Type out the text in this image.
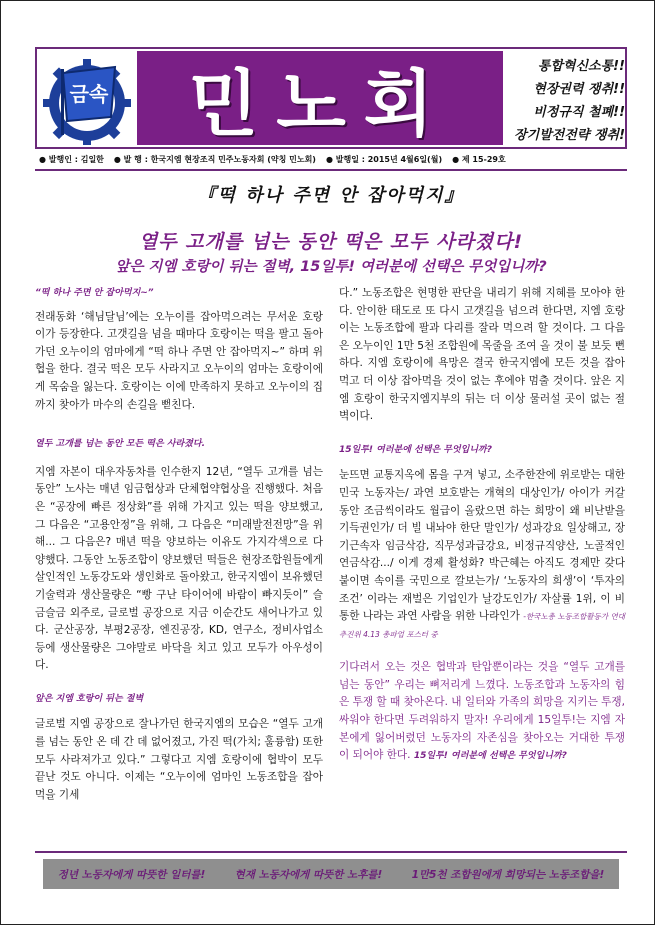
금속 민노회	통합혁신소통!!
현장권력 쟁취!!
비정규직 철폐!!
장기발전전략 쟁취!
● 발행인 : 김일한 ● 발 행 : 한국지엠 현장조직 민주노동자회 (약칭 민노회) ● 발행일 : 2015년 4월6일(월) ● 제 15-29호
『떡 하나 주면 안 잡아먹지』
열두 고개를 넘는 동안 떡은 모두 사라졌다!
앞은 지엠 호랑이 뒤는 절벽, 15일투! 여러분에 선택은 무엇입니까?

“떡 하나 주면 안 잡아먹지~”

전래동화 ‘해님달님’에는 오누이를 잡아먹으려는 무서운 호랑이가 등장한다. 고갯길을 넘을 때마다 호랑이는 떡을 팔고 돌아가던 오누이의 엄마에게 “떡 하나 주면 안 잡아먹지~” 하며 위협을 한다. 결국 떡은 모두 사라지고 오누이의 엄마는 호랑이에게 목숨을 잃는다. 호랑이는 이에 만족하지 못하고 오누이의 집까지 찾아가 마수의 손길을 뻗친다.

열두 고개를 넘는 동안 모든 떡은 사라졌다.

지엠 자본이 대우자동차를 인수한지 12년, “열두 고개를 넘는 동안” 노사는 매년 임금협상과 단체협약협상을 진행했다. 처음은 “공장에 빠른 정상화”를 위해 가지고 있는 떡을 양보했고, 그 다음은 “고용안정”을 위해, 그 다음은 “미래발전전망”을 위해... 그 다음은? 매년 떡을 양보하는 이유도 가지각색으로 다양했다. 그동안 노동조합이 양보했던 떡들은 현장조합원들에게 살인적인 노동강도와 생인화로 돌아왔고, 한국지엠이 보유했던 기술력과 생산물량은 “빵 구난 타이어에 바람이 빠지듯이” 슬금슬금 외주로, 글로벌 공장으로 지금 이순간도 새어나가고 있다. 군산공장, 부평2공장, 엔진공장, KD, 연구소, 정비사업소 등에 생산물량은 그야말로 바닥을 치고 있고 모두가 아우성이다.

앞은 지엠 호랑이 뒤는 절벽

글로벌 지엠 공장으로 잘나가던 한국지엠의 모습은 “열두 고개를 넘는 동안 온 데 간 데 없어졌고, 가진 떡(가치; 훌륭함) 또한 모두 사라져가고 있다.” 그렇다고 지엠 호랑이에 협박이 모두 끝난 것도 아니다. 이제는 “오누이에 엄마인 노동조합을 잡아먹을 기세

다.” 노동조합은 현명한 판단을 내리기 위해 지혜를 모아야 한다. 안이한 태도로 또 다시 고갯길을 넘으려 한다면, 지엠 호랑이는 노동조합에 팔과 다리를 잘라 먹으려 할 것이다. 그 다음은 오누이인 1만 5천 조합원에 목줄을 조여 올 것이 불 보듯 뻔하다. 지엠 호랑이에 욕망은 결국 한국지엠에 모든 것을 잡아먹고 더 이상 잡아먹을 것이 없는 후에야 멈출 것이다. 앞은 지엠 호랑이 한국지엠지부의 뒤는 더 이상 물러설 곳이 없는 절벽이다.

15일투! 여러분에 선택은 무엇입니까?

눈뜨면 교통지옥에 몸을 구겨 넣고, 소주한잔에 위로받는 대한민국 노동자는/ 과연 보호받는 개혁의 대상인가/ 아이가 커갈 동안 조금씩이라도 월급이 올랐으면 하는 희망이 왜 비난받을 기득권인가/ 더 빌 내놔야 한단 말인가/ 성과강요 일상해고, 장기근속자 임금삭감, 직무성과급강요, 비정규직양산, 노골적인 연금삭감.../ 이게 경제 활성화? 박근혜는 아직도 경제만 갖다 붙이면 속이를 국민으로 깔보는가/ ‘노동자의 희생’이 ‘투자의 조건’ 이라는 재벌은 기업인가 날강도인가/ 자살률 1위, 이 비통한 나라는 과연 사람을 위한 나라인가 -한국노총 노동조합활동가 연대 추진위 4.13 총파업 포스터 중

기다려서 오는 것은 협박과 탄압뿐이라는 것을 “열두 고개를 넘는 동안” 우리는 뼈저리게 느꼈다. 노동조합과 노동자의 힘은 투쟁 할 때 찾아온다. 내 일터와 가족의 희망을 지키는 투쟁, 싸워야 한다면 두려워하지 말자! 우리에게 15일투!는 지엠 자본에게 잃어버렸던 노동자의 자존심을 찾아오는 거대한 투쟁이 되어야 한다. 15일투! 여러분에 선택은 무엇입니까?

정년 노동자에게 따뜻한 일터를!	현재 노동자에게 따뜻한 노후를!	1만5천 조합원에게 희망되는 노동조합을!
